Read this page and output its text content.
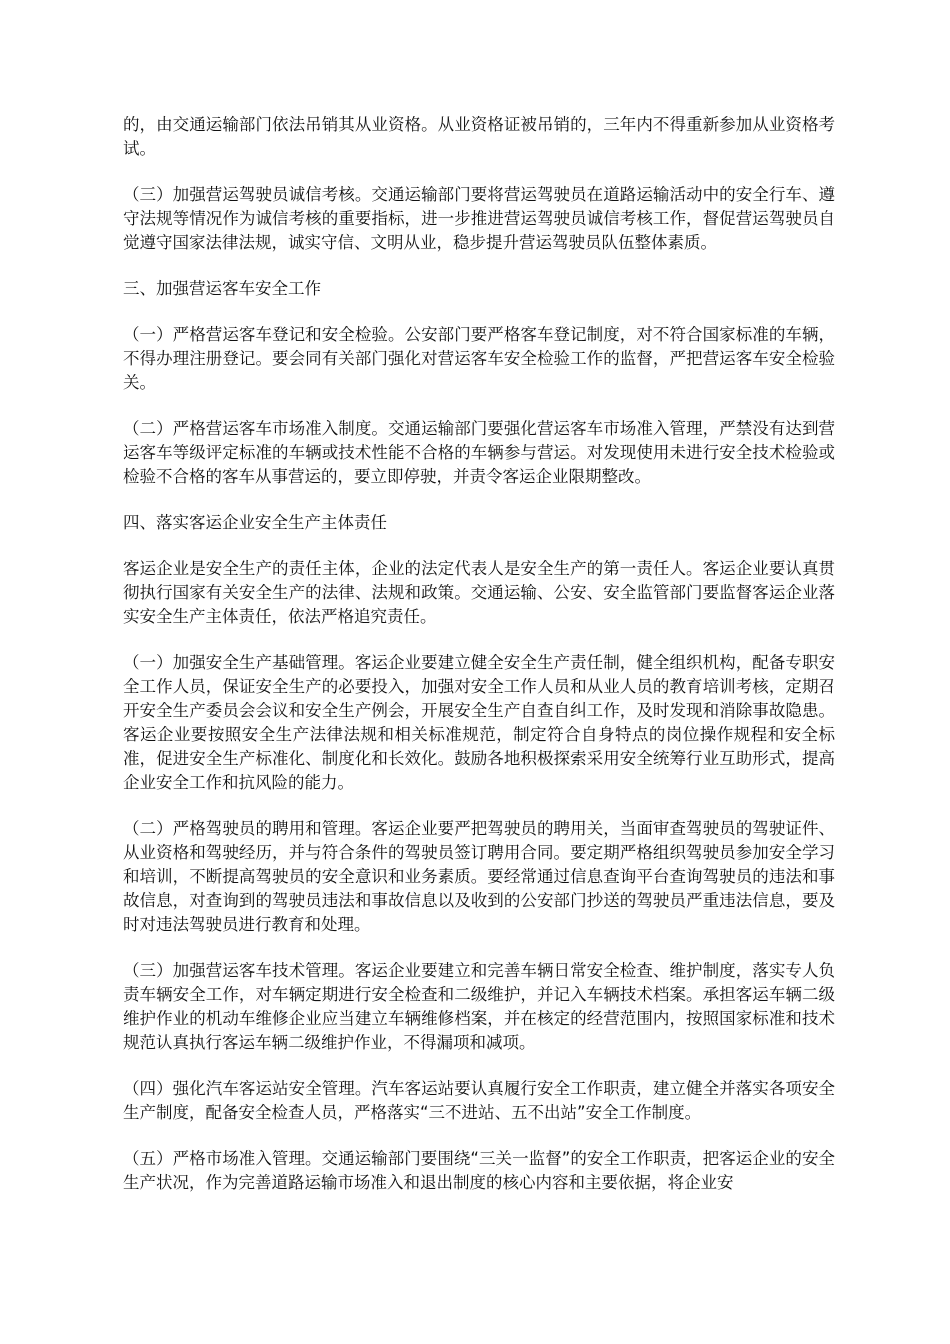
的，由交通运输部门依法吊销其从业资格。从业资格证被吊销的，三年内不得重新参加从业资格考试。

（三）加强营运驾驶员诚信考核。交通运输部门要将营运驾驶员在道路运输活动中的安全行车、遵守法规等情况作为诚信考核的重要指标，进一步推进营运驾驶员诚信考核工作，督促营运驾驶员自觉遵守国家法律法规，诚实守信、文明从业，稳步提升营运驾驶员队伍整体素质。

三、加强营运客车安全工作

（一）严格营运客车登记和安全检验。公安部门要严格客车登记制度，对不符合国家标准的车辆，不得办理注册登记。要会同有关部门强化对营运客车安全检验工作的监督，严把营运客车安全检验关。

（二）严格营运客车市场准入制度。交通运输部门要强化营运客车市场准入管理，严禁没有达到营运客车等级评定标准的车辆或技术性能不合格的车辆参与营运。对发现使用未进行安全技术检验或检验不合格的客车从事营运的，要立即停驶，并责令客运企业限期整改。

四、落实客运企业安全生产主体责任

客运企业是安全生产的责任主体，企业的法定代表人是安全生产的第一责任人。客运企业要认真贯彻执行国家有关安全生产的法律、法规和政策。交通运输、公安、安全监管部门要监督客运企业落实安全生产主体责任，依法严格追究责任。

（一）加强安全生产基础管理。客运企业要建立健全安全生产责任制，健全组织机构，配备专职安全工作人员，保证安全生产的必要投入，加强对安全工作人员和从业人员的教育培训考核，定期召开安全生产委员会会议和安全生产例会，开展安全生产自查自纠工作，及时发现和消除事故隐患。客运企业要按照安全生产法律法规和相关标准规范，制定符合自身特点的岗位操作规程和安全标准，促进安全生产标准化、制度化和长效化。鼓励各地积极探索采用安全统筹行业互助形式，提高企业安全工作和抗风险的能力。

（二）严格驾驶员的聘用和管理。客运企业要严把驾驶员的聘用关，当面审查驾驶员的驾驶证件、从业资格和驾驶经历，并与符合条件的驾驶员签订聘用合同。要定期严格组织驾驶员参加安全学习和培训，不断提高驾驶员的安全意识和业务素质。要经常通过信息查询平台查询驾驶员的违法和事故信息，对查询到的驾驶员违法和事故信息以及收到的公安部门抄送的驾驶员严重违法信息，要及时对违法驾驶员进行教育和处理。

（三）加强营运客车技术管理。客运企业要建立和完善车辆日常安全检查、维护制度，落实专人负责车辆安全工作，对车辆定期进行安全检查和二级维护，并记入车辆技术档案。承担客运车辆二级维护作业的机动车维修企业应当建立车辆维修档案，并在核定的经营范围内，按照国家标准和技术规范认真执行客运车辆二级维护作业，不得漏项和减项。

（四）强化汽车客运站安全管理。汽车客运站要认真履行安全工作职责，建立健全并落实各项安全生产制度，配备安全检查人员，严格落实“三不进站、五不出站”安全工作制度。

（五）严格市场准入管理。交通运输部门要围绕“三关一监督”的安全工作职责，把客运企业的安全生产状况，作为完善道路运输市场准入和退出制度的核心内容和主要依据，将企业安
